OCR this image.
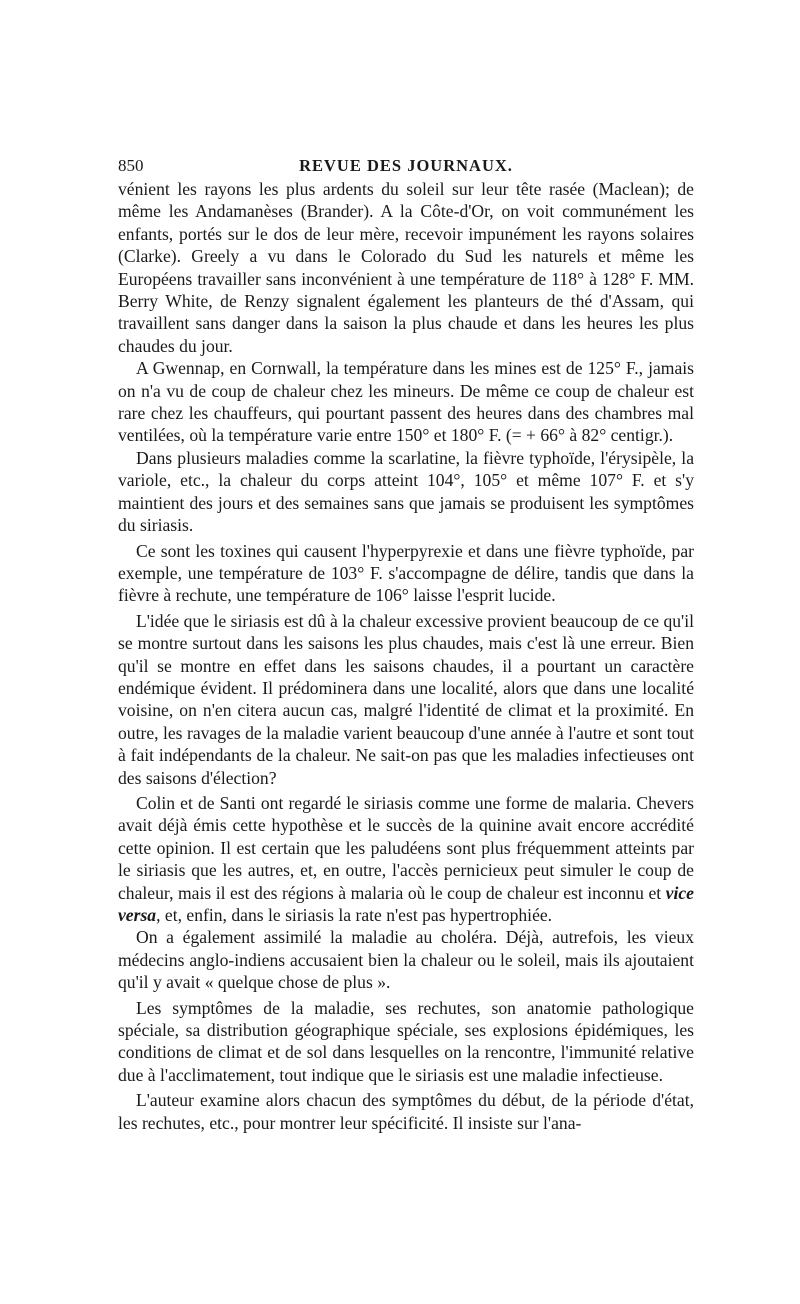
850	REVUE DES JOURNAUX.

vénient les rayons les plus ardents du soleil sur leur tête rasée (Maclean); de même les Andamanèses (Brander). A la Côte-d'Or, on voit communément les enfants, portés sur le dos de leur mère, recevoir impunément les rayons solaires (Clarke). Greely a vu dans le Colorado du Sud les naturels et même les Européens travailler sans inconvénient à une température de 118° à 128° F. MM. Berry White, de Renzy signalent également les planteurs de thé d'Assam, qui travaillent sans danger dans la saison la plus chaude et dans les heures les plus chaudes du jour.

A Gwennap, en Cornwall, la température dans les mines est de 125° F., jamais on n'a vu de coup de chaleur chez les mineurs. De même ce coup de chaleur est rare chez les chauffeurs, qui pourtant passent des heures dans des chambres mal ventilées, où la température varie entre 150° et 180° F. (= + 66° à 82° centigr.).

Dans plusieurs maladies comme la scarlatine, la fièvre typhoïde, l'érysipèle, la variole, etc., la chaleur du corps atteint 104°, 105° et même 107° F. et s'y maintient des jours et des semaines sans que jamais se produisent les symptômes du siriasis.

Ce sont les toxines qui causent l'hyperpyrexie et dans une fièvre typhoïde, par exemple, une température de 103° F. s'accompagne de délire, tandis que dans la fièvre à rechute, une température de 106° laisse l'esprit lucide.

L'idée que le siriasis est dû à la chaleur excessive provient beaucoup de ce qu'il se montre surtout dans les saisons les plus chaudes, mais c'est là une erreur. Bien qu'il se montre en effet dans les saisons chaudes, il a pourtant un caractère endémique évident. Il prédominera dans une localité, alors que dans une localité voisine, on n'en citera aucun cas, malgré l'identité de climat et la proximité. En outre, les ravages de la maladie varient beaucoup d'une année à l'autre et sont tout à fait indépendants de la chaleur. Ne sait-on pas que les maladies infectieuses ont des saisons d'élection?

Colin et de Santi ont regardé le siriasis comme une forme de malaria. Chevers avait déjà émis cette hypothèse et le succès de la quinine avait encore accrédité cette opinion. Il est certain que les paludéens sont plus fréquemment atteints par le siriasis que les autres, et, en outre, l'accès pernicieux peut simuler le coup de chaleur, mais il est des régions à malaria où le coup de chaleur est inconnu et vice versa, et, enfin, dans le siriasis la rate n'est pas hypertrophiée.

On a également assimilé la maladie au choléra. Déjà, autrefois, les vieux médecins anglo-indiens accusaient bien la chaleur ou le soleil, mais ils ajoutaient qu'il y avait « quelque chose de plus ».

Les symptômes de la maladie, ses rechutes, son anatomie pathologique spéciale, sa distribution géographique spéciale, ses explosions épidémiques, les conditions de climat et de sol dans lesquelles on la rencontre, l'immunité relative due à l'acclimatement, tout indique que le siriasis est une maladie infectieuse.

L'auteur examine alors chacun des symptômes du début, de la période d'état, les rechutes, etc., pour montrer leur spécificité. Il insiste sur l'ana-
